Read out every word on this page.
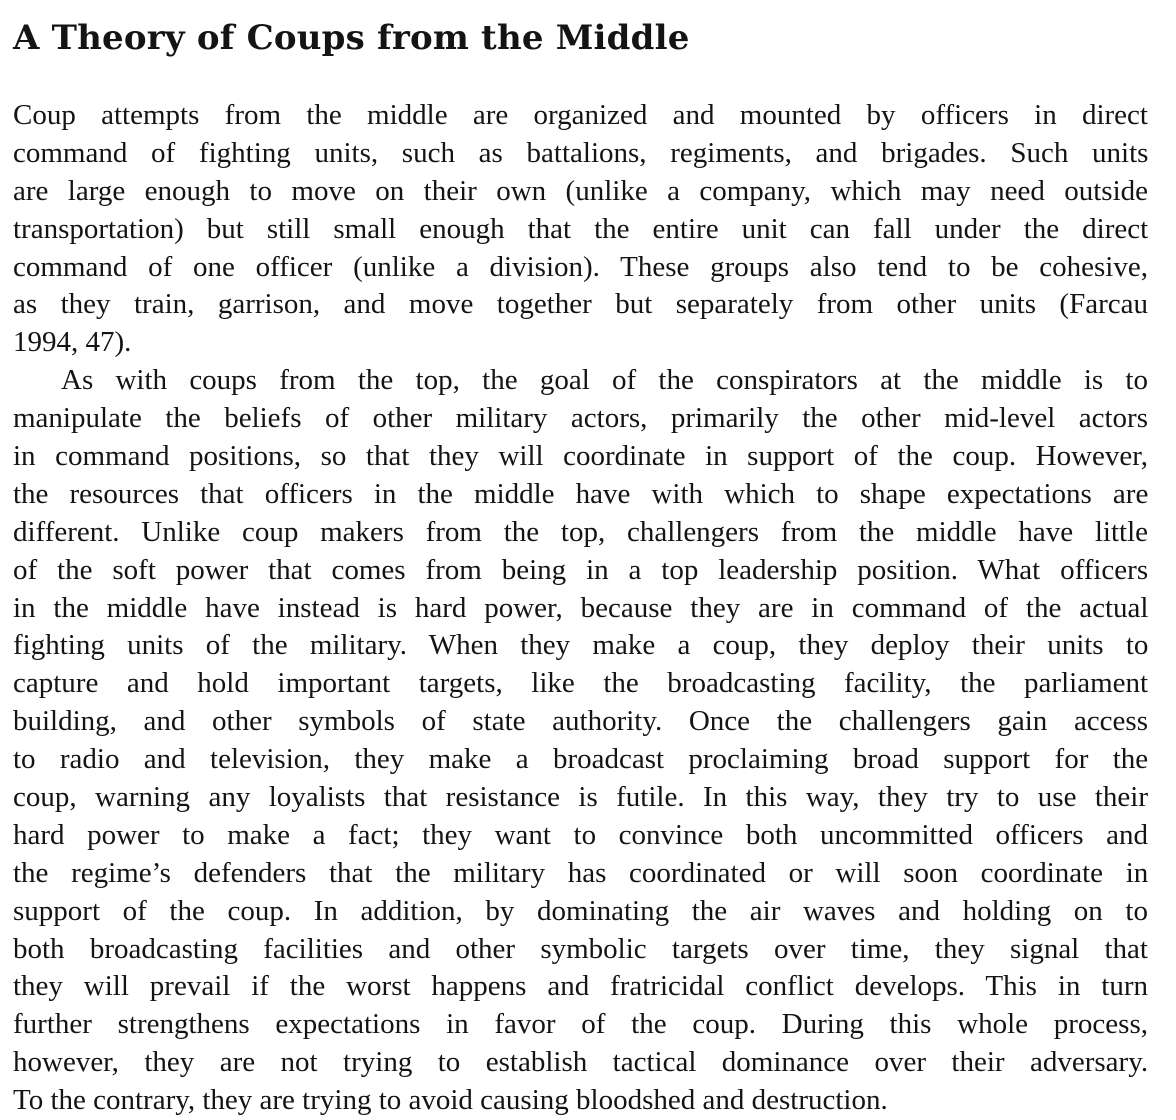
A Theory of Coups from the Middle

Coup attempts from the middle are organized and mounted by officers in direct
command of fighting units, such as battalions, regiments, and brigades. Such units
are large enough to move on their own (unlike a company, which may need outside
transportation) but still small enough that the entire unit can fall under the direct
command of one officer (unlike a division). These groups also tend to be cohesive,
as they train, garrison, and move together but separately from other units (Farcau
1994, 47).

As with coups from the top, the goal of the conspirators at the middle is to
manipulate the beliefs of other military actors, primarily the other mid-level actors
in command positions, so that they will coordinate in support of the coup. However,
the resources that officers in the middle have with which to shape expectations are
different. Unlike coup makers from the top, challengers from the middle have little
of the soft power that comes from being in a top leadership position. What officers
in the middle have instead is hard power, because they are in command of the actual
fighting units of the military. When they make a coup, they deploy their units to
capture and hold important targets, like the broadcasting facility, the parliament
building, and other symbols of state authority. Once the challengers gain access
to radio and television, they make a broadcast proclaiming broad support for the
coup, warning any loyalists that resistance is futile. In this way, they try to use their
hard power to make a fact; they want to convince both uncommitted officers and
the regime’s defenders that the military has coordinated or will soon coordinate in
support of the coup. In addition, by dominating the air waves and holding on to
both broadcasting facilities and other symbolic targets over time, they signal that
they will prevail if the worst happens and fratricidal conflict develops. This in turn
further strengthens expectations in favor of the coup. During this whole process,
however, they are not trying to establish tactical dominance over their adversary.
To the contrary, they are trying to avoid causing bloodshed and destruction.
